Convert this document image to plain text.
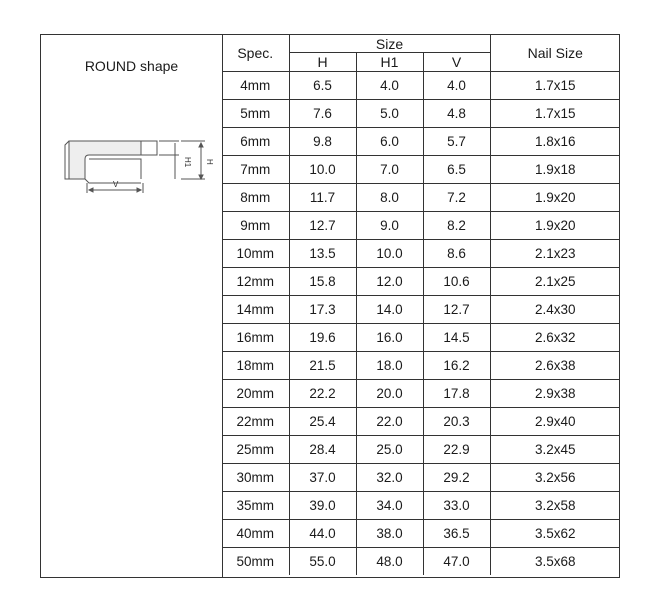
ROUND shape
V
H1 H
Spec.	Size			Nail Size
	H	H1	V	
4mm	6.5	4.0	4.0	1.7x15
5mm	7.6	5.0	4.8	1.7x15
6mm	9.8	6.0	5.7	1.8x16
7mm	10.0	7.0	6.5	1.9x18
8mm	11.7	8.0	7.2	1.9x20
9mm	12.7	9.0	8.2	1.9x20
10mm	13.5	10.0	8.6	2.1x23
12mm	15.8	12.0	10.6	2.1x25
14mm	17.3	14.0	12.7	2.4x30
16mm	19.6	16.0	14.5	2.6x32
18mm	21.5	18.0	16.2	2.6x38
20mm	22.2	20.0	17.8	2.9x38
22mm	25.4	22.0	20.3	2.9x40
25mm	28.4	25.0	22.9	3.2x45
30mm	37.0	32.0	29.2	3.2x56
35mm	39.0	34.0	33.0	3.2x58
40mm	44.0	38.0	36.5	3.5x62
50mm	55.0	48.0	47.0	3.5x68
